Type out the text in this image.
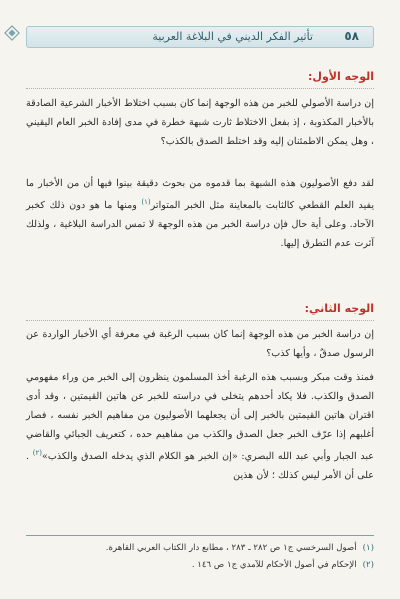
٥٨
تأثير الفكر الديني في البلاغة العربية
الوجه الأول:

إن دراسة الأصولي للخبر من هذه الوجهة إنما كان بسبب اختلاط الأخبار الشرعية الصادقة بالأخبار المكذوبة ، إذ بفعل الاختلاط ثارت شبهة خطرة في مدى إفادة الخبر العام اليقيني ، وهل يمكن الاطمئنان إليه وقد اختلط الصدق بالكذب؟

لقد دفع الأصوليون هذه الشبهة بما قدموه من بحوث دقيقة بينوا فيها أن من الأخبار ما يفيد العلم القطعي كالثابت بالمعاينة مثل الخبر المتواتر$^{(١)}$ ومنها ما هو دون ذلك كخبر الآحاد. وعلى أية حال فإن دراسة الخبر من هذه الوجهة لا تمس الدراسة البلاغية ، ولذلك آثرت عدم التطرق إليها.

الوجه الثاني:

إن دراسة الخبر من هذه الوجهة إنما كان بسبب الرغبة في معرفة أي الأخبار الواردة عن الرسول صدقٌ ، وأيها كذب؟

فمنذ وقت مبكر وبسبب هذه الرغبة أخذ المسلمون ينظرون إلى الخبر من وراء مفهومي الصدق والكذب. فلا يكاد أحدهم يتخلى في دراسته للخبر عن هاتين القيمتين ، وقد أدى اقتران هاتين القيمتين بالخبر إلى أن يجعلهما الأصوليون من مفاهيم الخبر نفسه ، فصار أغلبهم إذا عرّف الخبر جعل الصدق والكذب من مفاهيم حده ، كتعريف الجبائي والقاضي عبد الجبار وأبي عبد الله البصري: «إن الخبر هو الكلام الذي يدخله الصدق والكذب»$^{(٢)}$ . على أن الأمر ليس كذلك ؛ لأن هذين

(١)أصول السرخسي ج١ ص ٢٨٢ ـ ٢٨٣ ، مطابع دار الكتاب العربي القاهرة.
(٢)الإحكام في أصول الأحكام للآمدي ج١ ص ١٤٦ .
